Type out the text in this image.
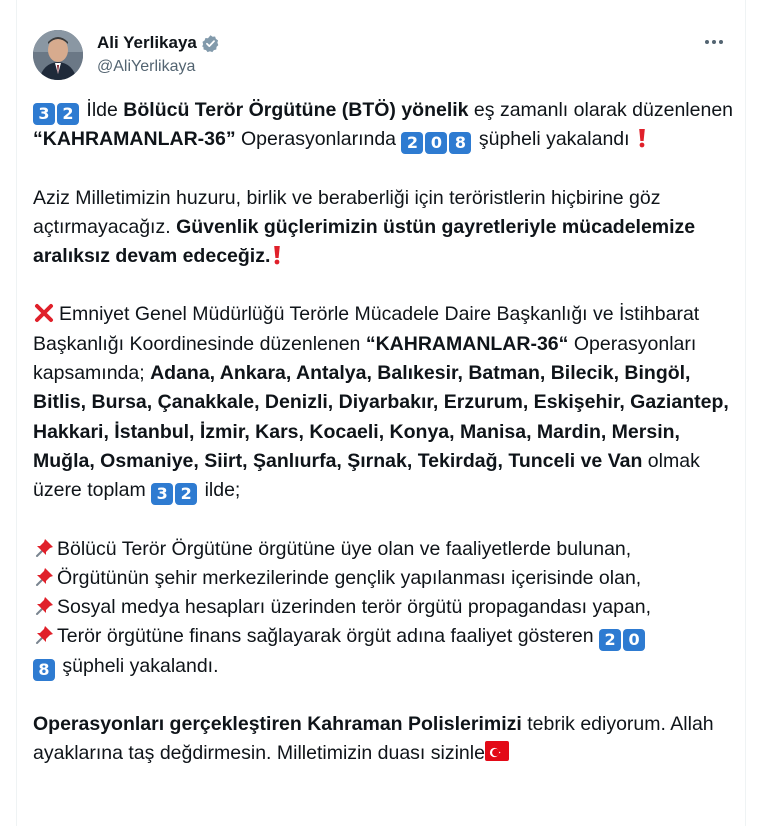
Ali Yerlikaya
@AliYerlikaya

3 2 İlde Bölücü Terör Örgütüne (BTÖ) yönelik eş zamanlı olarak düzenlenen “KAHRAMANLAR-36” Operasyonlarında 2 0 8 şüpheli yakalandı

Aziz Milletimizin huzuru, birlik ve beraberliği için teröristlerin hiçbirine göz açtırmayacağız. Güvenlik güçlerimizin üstün gayretleriyle mücadelemize aralıksız devam edeceğiz.

Emniyet Genel Müdürlüğü Terörle Mücadele Daire Başkanlığı ve İstihbarat Başkanlığı Koordinesinde düzenlenen “KAHRAMANLAR-36“ Operasyonları kapsamında; Adana, Ankara, Antalya, Balıkesir, Batman, Bilecik, Bingöl, Bitlis, Bursa, Çanakkale, Denizli, Diyarbakır, Erzurum, Eskişehir, Gaziantep, Hakkari, İstanbul, İzmir, Kars, Kocaeli, Konya, Manisa, Mardin, Mersin, Muğla, Osmaniye, Siirt, Şanlıurfa, Şırnak, Tekirdağ, Tunceli ve Van olmak üzere toplam 3 2 ilde;

Bölücü Terör Örgütüne örgütüne üye olan ve faaliyetlerde bulunan,
Örgütünün şehir merkezilerinde gençlik yapılanması içerisinde olan,
Sosyal medya hesapları üzerinden terör örgütü propagandası yapan,
Terör örgütüne finans sağlayarak örgüt adına faaliyet gösteren 2 0
8 şüpheli yakalandı.

Operasyonları gerçekleştiren Kahraman Polislerimizi tebrik ediyorum. Allah ayaklarına taş değdirmesin. Milletimizin duası sizinle
